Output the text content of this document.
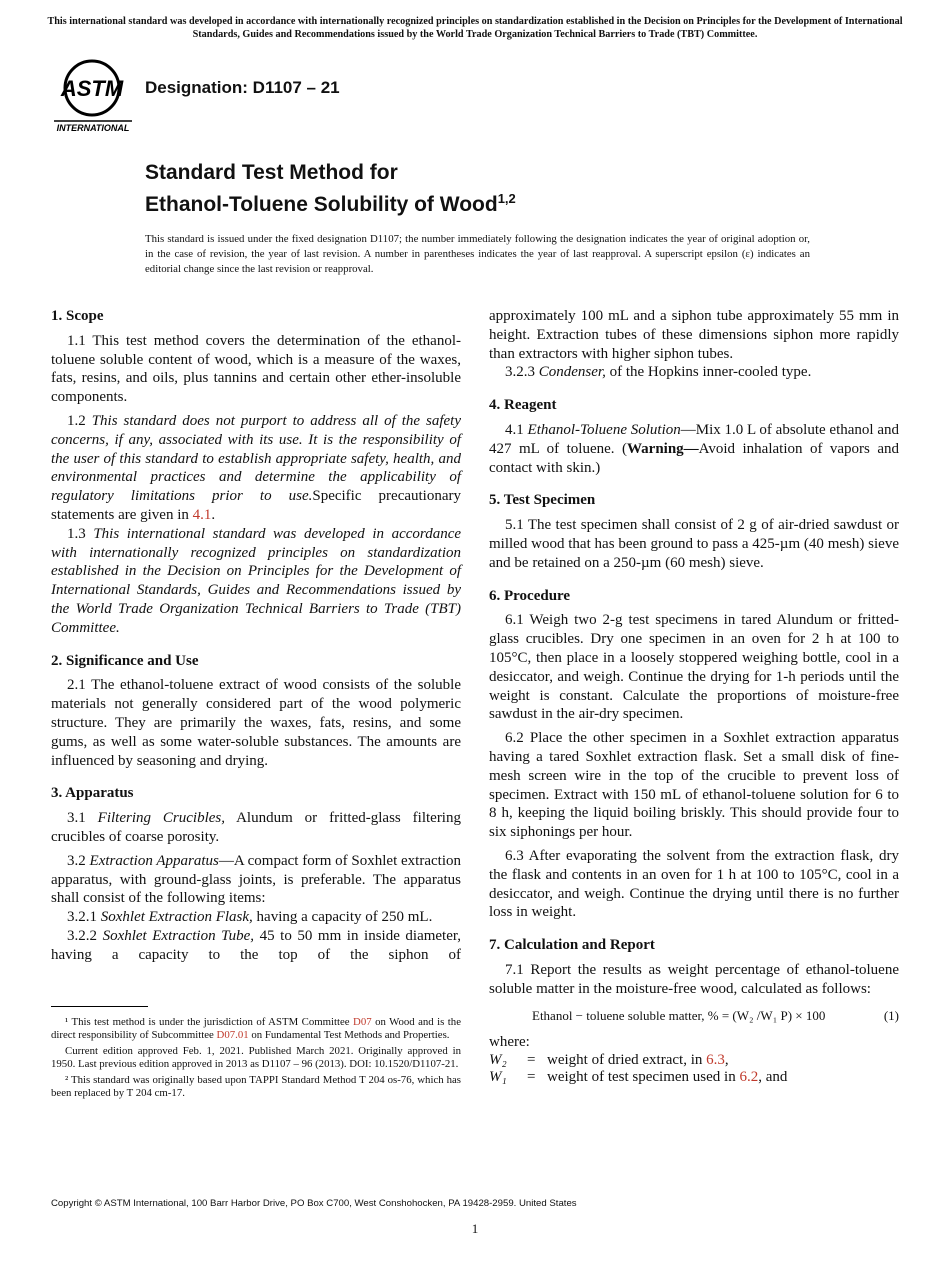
This international standard was developed in accordance with internationally recognized principles on standardization established in the Decision on Principles for the Development of International Standards, Guides and Recommendations issued by the World Trade Organization Technical Barriers to Trade (TBT) Committee.
ASTM
INTERNATIONAL
Designation: D1107 – 21
Standard Test Method for
Ethanol-Toluene Solubility of Wood$^{1,2}$
This standard is issued under the fixed designation D1107; the number immediately following the designation indicates the year of original adoption or, in the case of revision, the year of last revision. A number in parentheses indicates the year of last reapproval. A superscript epsilon (ε) indicates an editorial change since the last revision or reapproval.
1. Scope

1.1 This test method covers the determination of the ethanol-toluene soluble content of wood, which is a measure of the waxes, fats, resins, and oils, plus tannins and certain other ether-insoluble components.

1.2 This standard does not purport to address all of the safety concerns, if any, associated with its use. It is the responsibility of the user of this standard to establish appropriate safety, health, and environmental practices and determine the applicability of regulatory limitations prior to use.Specific precautionary statements are given in 4.1.

1.3 This international standard was developed in accordance with internationally recognized principles on standardization established in the Decision on Principles for the Development of International Standards, Guides and Recommendations issued by the World Trade Organization Technical Barriers to Trade (TBT) Committee.

2. Significance and Use

2.1 The ethanol-toluene extract of wood consists of the soluble materials not generally considered part of the wood polymeric structure. They are primarily the waxes, fats, resins, and some gums, as well as some water-soluble substances. The amounts are influenced by seasoning and drying.

3. Apparatus

3.1 Filtering Crucibles, Alundum or fritted-glass filtering crucibles of coarse porosity.

3.2 Extraction Apparatus—A compact form of Soxhlet extraction apparatus, with ground-glass joints, is preferable. The apparatus shall consist of the following items:

3.2.1 Soxhlet Extraction Flask, having a capacity of 250 mL.

3.2.2 Soxhlet Extraction Tube, 45 to 50 mm in inside diameter, having a capacity to the top of the siphon of

¹ This test method is under the jurisdiction of ASTM Committee D07 on Wood and is the direct responsibility of Subcommittee D07.01 on Fundamental Test Methods and Properties.

Current edition approved Feb. 1, 2021. Published March 2021. Originally approved in 1950. Last previous edition approved in 2013 as D1107 – 96 (2013). DOI: 10.1520/D1107-21.

² This standard was originally based upon TAPPI Standard Method T 204 os-76, which has been replaced by T 204 cm-17.

approximately 100 mL and a siphon tube approximately 55 mm in height. Extraction tubes of these dimensions siphon more rapidly than extractors with higher siphon tubes.

3.2.3 Condenser, of the Hopkins inner-cooled type.

4. Reagent

4.1 Ethanol-Toluene Solution—Mix 1.0 L of absolute ethanol and 427 mL of toluene. (Warning—Avoid inhalation of vapors and contact with skin.)

5. Test Specimen

5.1 The test specimen shall consist of 2 g of air-dried sawdust or milled wood that has been ground to pass a 425-µm (40 mesh) sieve and be retained on a 250-µm (60 mesh) sieve.

6. Procedure

6.1 Weigh two 2-g test specimens in tared Alundum or fritted-glass crucibles. Dry one specimen in an oven for 2 h at 100 to 105°C, then place in a loosely stoppered weighing bottle, cool in a desiccator, and weigh. Continue the drying for 1-h periods until the weight is constant. Calculate the proportions of moisture-free sawdust in the air-dry specimen.

6.2 Place the other specimen in a Soxhlet extraction apparatus having a tared Soxhlet extraction flask. Set a small disk of fine-mesh screen wire in the top of the crucible to prevent loss of specimen. Extract with 150 mL of ethanol-toluene solution for 6 to 8 h, keeping the liquid boiling briskly. This should provide four to six siphonings per hour.

6.3 After evaporating the solvent from the extraction flask, dry the flask and contents in an oven for 1 h at 100 to 105°C, cool in a desiccator, and weigh. Continue the drying until there is no further loss in weight.

7. Calculation and Report

7.1 Report the results as weight percentage of ethanol-toluene soluble matter in the moisture-free wood, calculated as follows:

Ethanol − toluene soluble matter, % = (W₂ /W₁ P) × 100	(1)
where:
W₂	= weight of dried extract, in 6.3,
W₁	= weight of test specimen used in 6.2, and
Copyright © ASTM International, 100 Barr Harbor Drive, PO Box C700, West Conshohocken, PA 19428-2959. United States
1
